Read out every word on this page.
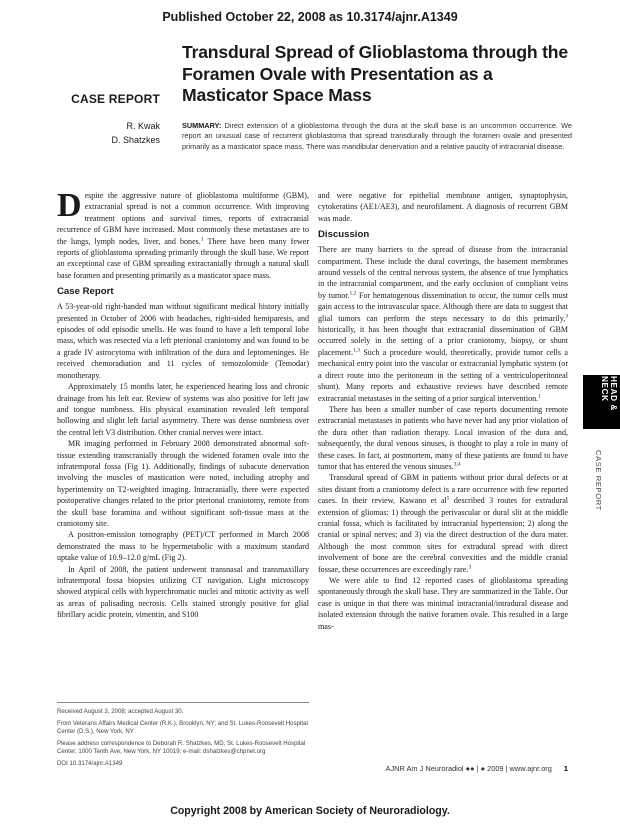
Published October 22, 2008 as 10.3174/ajnr.A1349
CASE REPORT
R. Kwak
D. Shatzkes
Transdural Spread of Glioblastoma through the Foramen Ovale with Presentation as a Masticator Space Mass
SUMMARY: Direct extension of a glioblastoma through the dura at the skull base is an uncommon occurrence. We report an unusual case of recurrent glioblastoma that spread transdurally through the foramen ovale and presented primarily as a masticator space mass. There was mandibular denervation and a relative paucity of intracranial disease.

Despite the aggressive nature of glioblastoma multiforme (GBM), extracranial spread is not a common occurrence. With improving treatment options and survival times, reports of extracranial recurrence of GBM have increased. Most commonly these metastases are to the lungs, lymph nodes, liver, and bones.$^1$ There have been many fewer reports of glioblastoma spreading primarily through the skull base. We report an exceptional case of GBM spreading extracranially through a natural skull base foramen and presenting primarily as a masticator space mass.

Case Report

A 53-year-old right-handed man without significant medical history initially presented in October of 2006 with headaches, right-sided hemiparesis, and episodes of odd episodic smells. He was found to have a left temporal lobe mass, which was resected via a left pterional craniotomy and was found to be a grade IV astrocytoma with infiltration of the dura and leptomeninges. He received chemoradiation and 11 cycles of temozolomide (Temodar) monotherapy.

Approximately 15 months later, he experienced hearing loss and chronic drainage from his left ear. Review of systems was also positive for left jaw and tongue numbness. His physical examination revealed left temporal hollowing and slight left facial asymmetry. There was dense numbness over the central left V3 distribution. Other cranial nerves were intact.

MR imaging performed in February 2008 demonstrated abnormal soft-tissue extending transcranially through the widened foramen ovale into the infratemporal fossa (Fig 1). Additionally, findings of subacute denervation involving the muscles of mastication were noted, including atrophy and hyperintensity on T2-weighted imaging. Intracranially, there were expected postoperative changes related to the prior pterional craniotomy, remote from the skull base foramina and without significant soft-tissue mass at the craniotomy site.

A positron-emission tomography (PET)/CT performed in March 2008 demonstrated the mass to be hypermetabolic with a maximum standard uptake value of 10.9–12.0 g/mL (Fig 2).

In April of 2008, the patient underwent transnasal and transmaxillary infratemporal fossa biopsies utilizing CT navigation. Light microscopy showed atypical cells with hyperchromatic nuclei and mitotic activity as well as areas of palisading necrosis. Cells stained strongly positive for glial fibrillary acidic protein, vimentin, and S100

Received August 3, 2008; accepted August 30.
From Veterans Affairs Medical Center (R.K.), Brooklyn, NY; and St. Lukes-Roosevelt Hospital Center (D.S.), New York, NY.
Please address correspondence to Deborah R. Shatzkes, MD, St. Lukes-Roosevelt Hospital Center, 1000 Tenth Ave, New York, NY 10019; e-mail: dshatzkes@chpnet.org
DOI 10.3174/ajnr.A1349

and were negative for epithelial membrane antigen, synaptophysin, cytokeratins (AE1/AE3), and neurofilament. A diagnosis of recurrent GBM was made.

Discussion

There are many barriers to the spread of disease from the intracranial compartment. These include the dural coverings, the basement membranes around vessels of the central nervous system, the absence of true lymphatics in the intracranial compartment, and the early occlusion of compliant veins by tumor.$^{1,2}$ For hematogenous dissemination to occur, the tumor cells must gain access to the intravascular space. Although there are data to suggest that glial tumors can perform the steps necessary to do this primarily,$^3$ historically, it has been thought that extracranial dissemination of GBM occurred solely in the setting of a prior craniotomy, biopsy, or shunt placement.$^{1,3}$ Such a procedure would, theoretically, provide tumor cells a mechanical entry point into the vascular or extracranial lymphatic system (or a direct route into the peritoneum in the setting of a ventriculoperitoneal shunt). Many reports and exhaustive reviews have described remote extracranial metastases in the setting of a prior surgical intervention.$^1$

There has been a smaller number of case reports documenting remote extracranial metastases in patients who have never had any prior violation of the dura other than radiation therapy. Local invasion of the dura and, subsequently, the dural venous sinuses, is thought to play a role in many of these cases. In fact, at postmortem, many of these patients are found to have tumor that has entered the venous sinuses.$^{3,4}$

Transdural spread of GBM in patients without prior dural defects or at sites distant from a craniotomy defect is a rare occurrence with few reported cases. In their review, Kawano et $al^5$ described 3 routes for extradural extension of gliomas: 1) through the perivascular or dural slit at the middle cranial fossa, which is facilitated by intracranial hypertension; 2) along the cranial or spinal nerves; and 3) via the direct destruction of the dura mater. Although the most common sites for extradural spread with direct involvement of bone are the cerebral convexities and the middle cranial fossae, these occurrences are exceedingly rare.$^3$

We were able to find 12 reported cases of glioblastoma spreading spontaneously through the skull base. They are summarized in the Table. Our case is unique in that there was minimal intracranial/intradural disease and isolated extension through the native foramen ovale. This resulted in a large mas-

HEAD & NECK
CASE REPORT
AJNR Am J Neuroradiol ●● | ● 2009 | www.ajnr.org 1
Copyright 2008 by American Society of Neuroradiology.
